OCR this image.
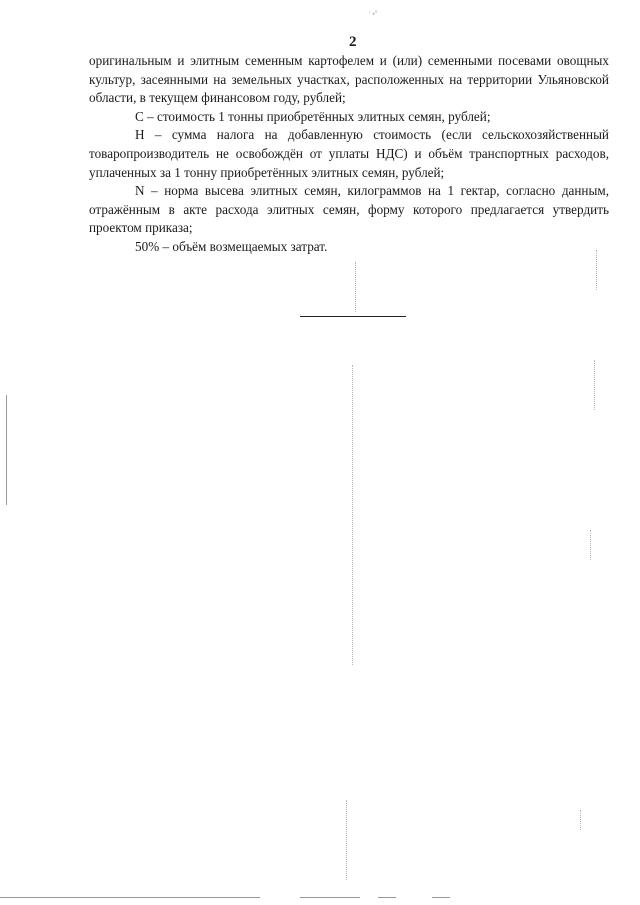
2
˙ ᵉ˚

оригинальным и элитным семенным картофелем и (или) семенными посевами овощных культур, засеянными на земельных участках, расположенных на территории Ульяновской области, в текущем финансовом году, рублей;

С – стоимость 1 тонны приобретённых элитных семян, рублей;

Н – сумма налога на добавленную стоимость (если сельскохозяйственный товаропроизводитель не освобождён от уплаты НДС) и объём транспортных расходов, уплаченных за 1 тонну приобретённых элитных семян, рублей;

N – норма высева элитных семян, килограммов на 1 гектар, согласно данным, отражённым в акте расхода элитных семян, форму которого предлагается утвердить проектом приказа;

50% – объём возмещаемых затрат.
